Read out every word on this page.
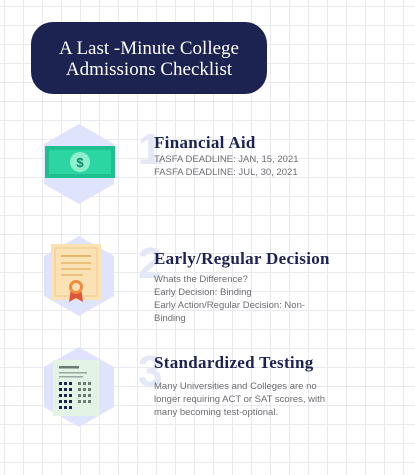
A Last -Minute College
Admissions Checklist
$ 1
Financial Aid
TASFA DEADLINE: JAN, 15, 2021
FASFA DEADLINE: JUL, 30, 2021
2
Early/Regular Decision
Whats the Difference?
Early Decision: Binding
Early Action/Regular Decision: Non-
Binding
3
Standardized Testing
Many Universities and Colleges are no
longer requiring ACT or SAT scores, with
many becoming test-optional.
